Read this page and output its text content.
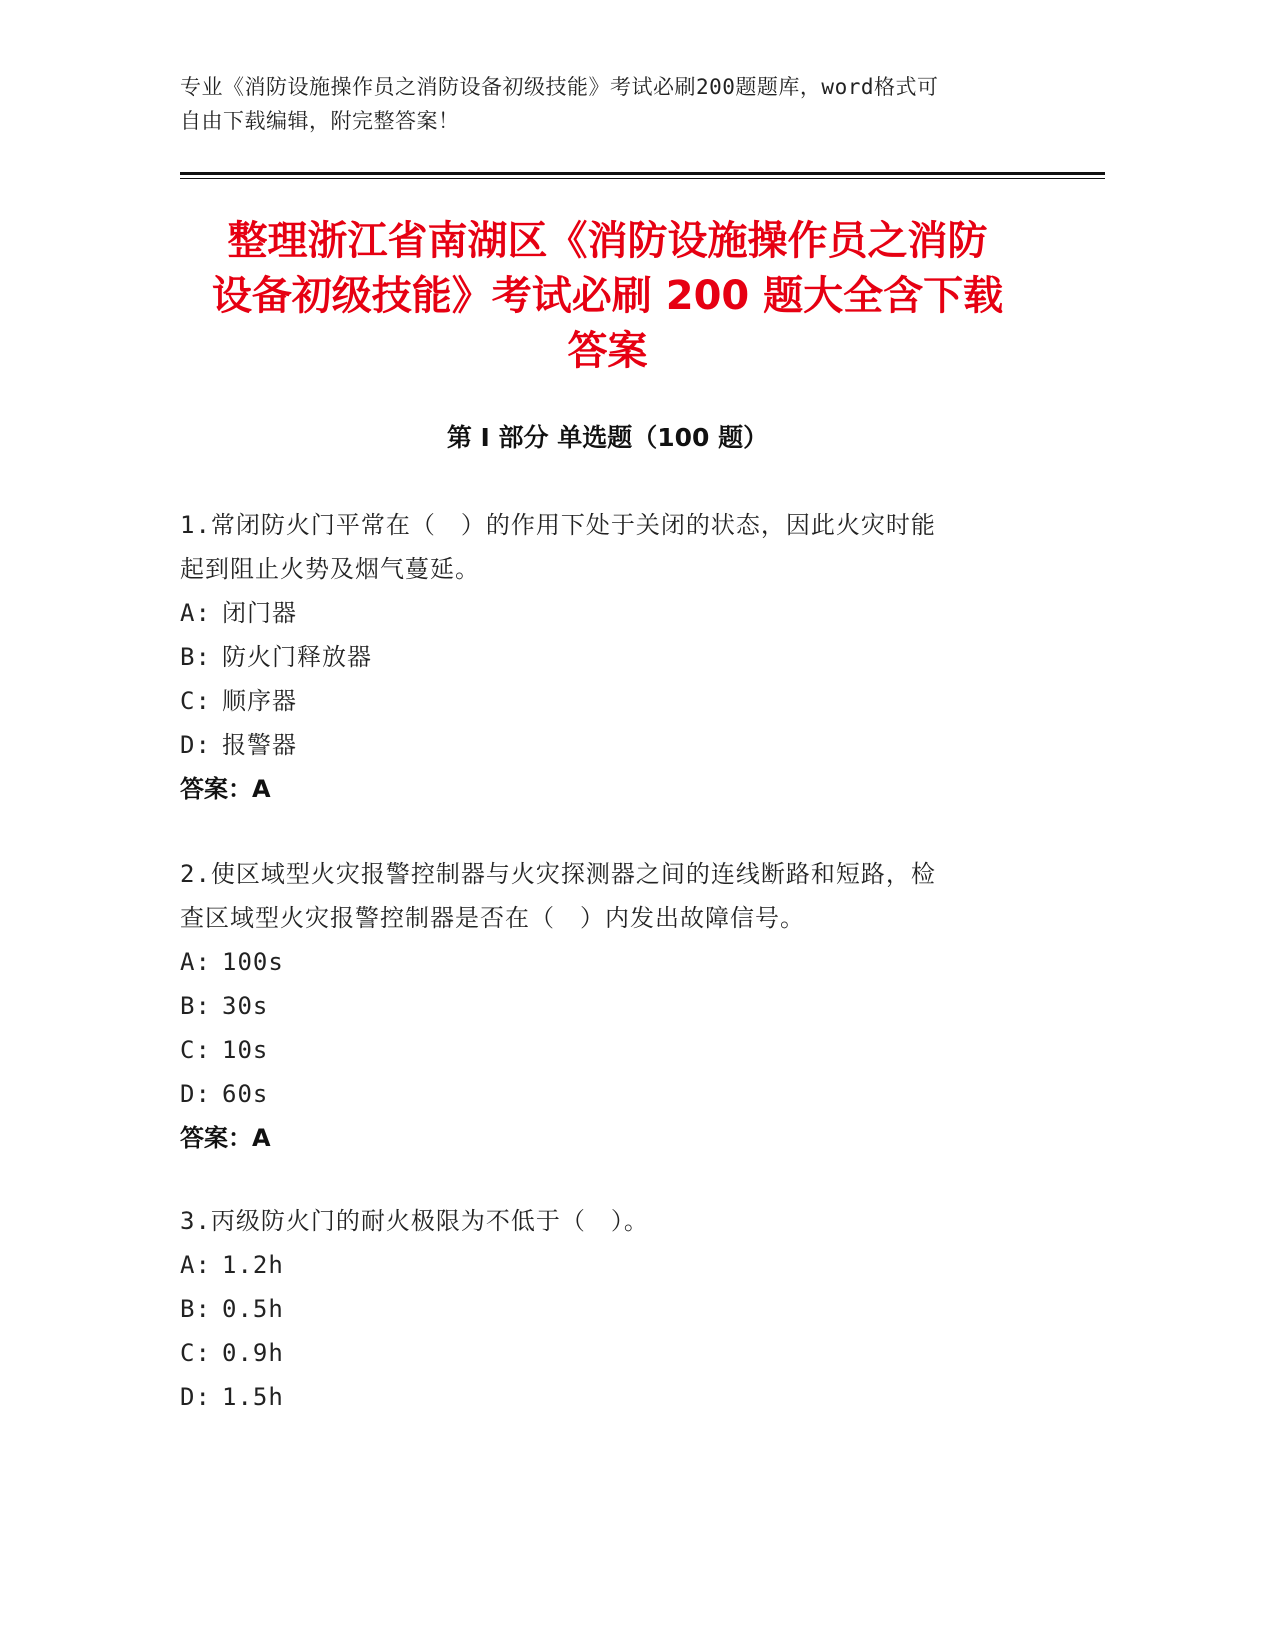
专业《消防设施操作员之消防设备初级技能》考试必刷200题题库，word格式可
自由下载编辑，附完整答案！
整理浙江省南湖区《消防设施操作员之消防
设备初级技能》考试必刷 200 题大全含下载
答案
第 I 部分 单选题（100 题）

1.常闭防火门平常在（　）的作用下处于关闭的状态，因此火灾时能

起到阻止火势及烟气蔓延。

A: 闭门器
B: 防火门释放器
C: 顺序器
D: 报警器

答案：A

2.使区域型火灾报警控制器与火灾探测器之间的连线断路和短路，检

查区域型火灾报警控制器是否在（　）内发出故障信号。

A: 100s
B: 30s
C: 10s
D: 60s

答案：A

3.丙级防火门的耐火极限为不低于（　）。

A: 1.2h
B: 0.5h
C: 0.9h
D: 1.5h
